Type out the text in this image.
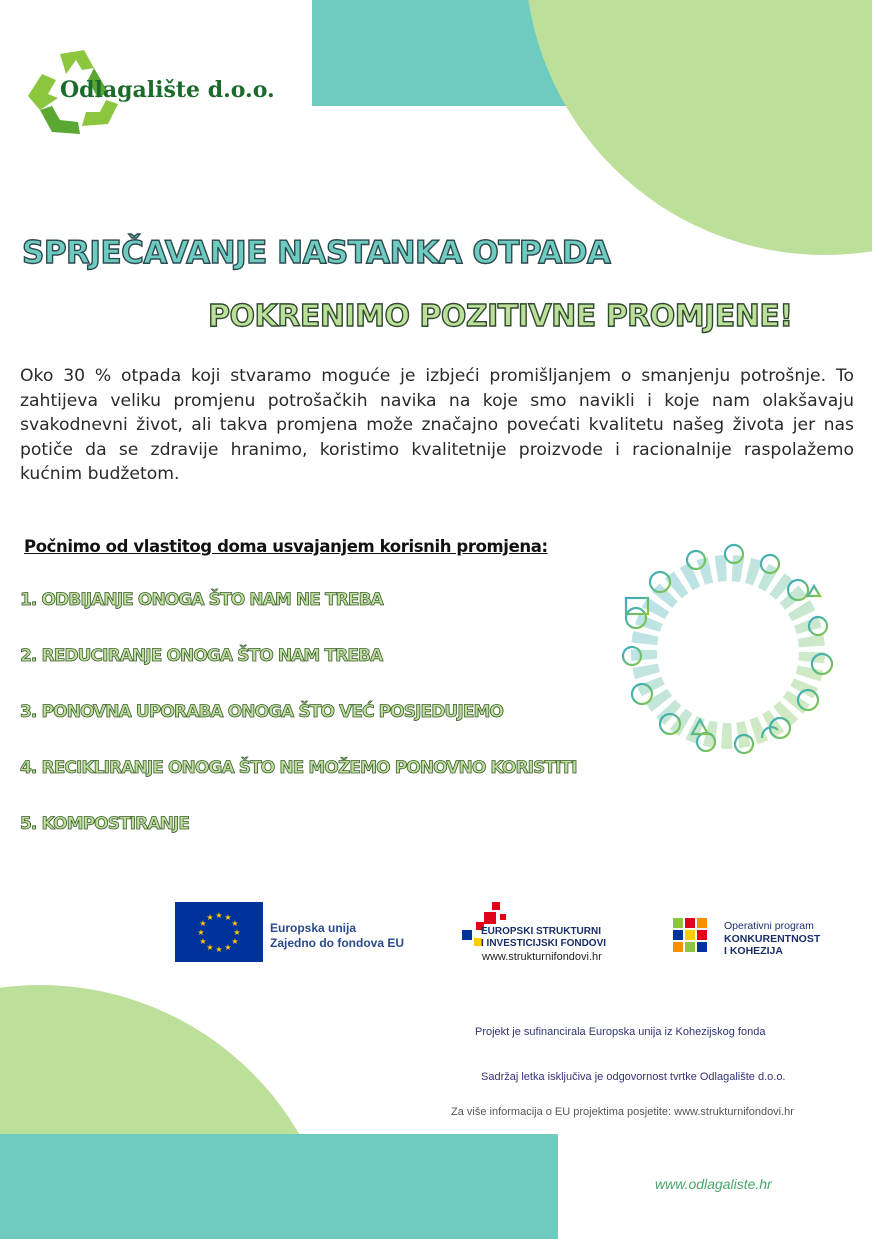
Odlagalište d.o.o.
SPRJEČAVANJE NASTANKA OTPADA
POKRENIMO POZITIVNE PROMJENE!
Oko 30 % otpada koji stvaramo moguće je izbjeći promišljanjem o smanjenju potrošnje. To zahtijeva veliku promjenu potrošačkih navika na koje smo navikli i koje nam olakšavaju svakodnevni život, ali takva promjena može značajno povećati kvalitetu našeg života jer nas potiče da se zdravije hranimo, koristimo kvalitetnije proizvode i racionalnije raspolažemo kućnim budžetom.
Počnimo od vlastitog doma usvajanjem korisnih promjena:
1. ODBIJANJE ONOGA ŠTO NAM NE TREBA
2. REDUCIRANJE ONOGA ŠTO NAM TREBA
3. PONOVNA UPORABA ONOGA ŠTO VEĆ POSJEDUJEMO
4. RECIKLIRANJE ONOGA ŠTO NE MOŽEMO PONOVNO KORISTITI
5. KOMPOSTIRANJE
★ ★
★
★
★
★
★
★
★
★
★
★
Europska unija
Zajedno do fondova EU
EUROPSKI STRUKTURNI
I INVESTICIJSKI FONDOVI
www.strukturnifondovi.hr
Operativni program
KONKURENTNOST
I KOHEZIJA
Projekt je sufinancirala Europska unija iz Kohezijskog fonda
Sadržaj letka isključiva je odgovornost tvrtke Odlagalište d.o.o.
Za više informacija o EU projektima posjetite: www.strukturnifondovi.hr
www.odlagaliste.hr
